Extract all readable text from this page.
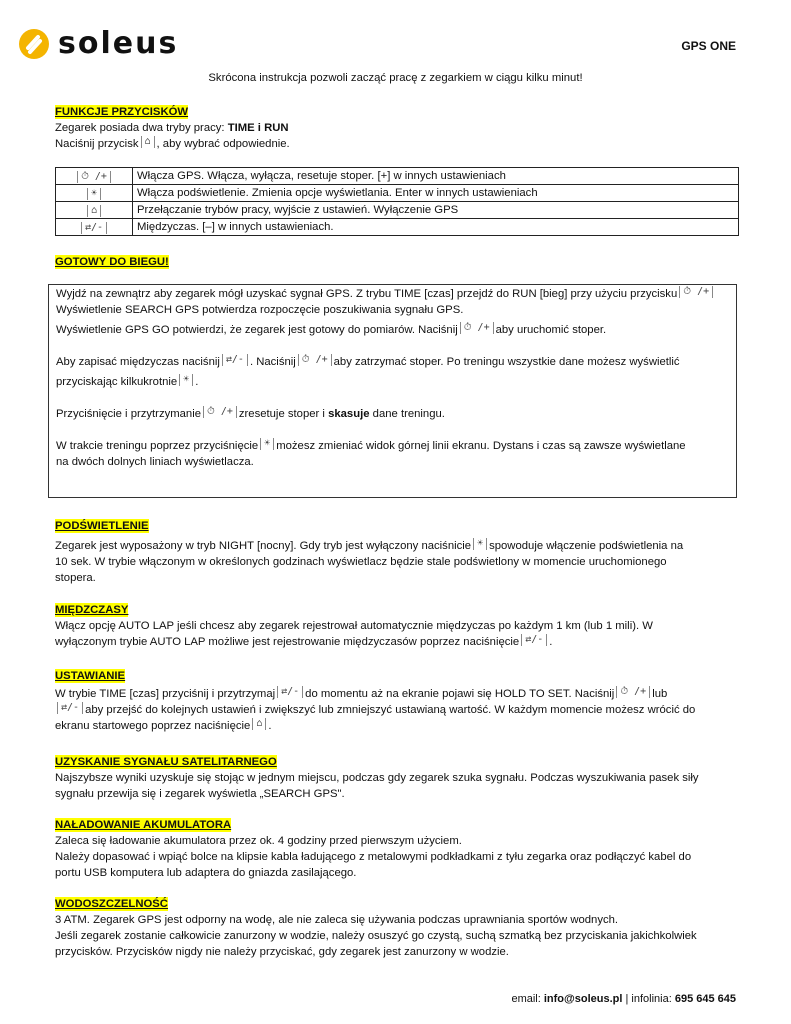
soleus	GPS ONE
Skrócona instrukcja pozwoli zacząć pracę z zegarkiem w ciągu kilku minut!
FUNKCJE PRZYCISKÓW
Zegarek posiada dwa tryby pracy: TIME i RUN
Naciśnij przycisk ⌂ , aby wybrać odpowiednie.
⏱ /+	Włącza GPS. Włącza, wyłącza, resetuje stoper. [+] w innych ustawieniach
☀	Włącza podświetlenie. Zmienia opcje wyświetlania. Enter w innych ustawieniach
⌂	Przełączanie trybów pracy, wyjście z ustawień. Wyłączenie GPS
⇄/-	Międzyczas. [–] w innych ustawieniach.
GOTOWY DO BIEGU!
Wyjdź na zewnątrz aby zegarek mógł uzyskać sygnał GPS. Z trybu TIME [czas] przejdź do RUN [bieg] przy użyciu przycisku ⏱ /+
Wyświetlenie SEARCH GPS potwierdza rozpoczęcie poszukiwania sygnału GPS.
Wyświetlenie GPS GO potwierdzi, że zegarek jest gotowy do pomiarów. Naciśnij ⏱ /+ aby uruchomić stoper.
Aby zapisać międzyczas naciśnij ⇄/- . Naciśnij ⏱ /+ aby zatrzymać stoper. Po treningu wszystkie dane możesz wyświetlić
przyciskając kilkukrotnie ☀ .
Przyciśnięcie i przytrzymanie ⏱ /+ zresetuje stoper i skasuje dane treningu.
W trakcie treningu poprzez przyciśnięcie ☀ możesz zmieniać widok górnej linii ekranu. Dystans i czas są zawsze wyświetlane
na dwóch dolnych liniach wyświetlacza.
PODŚWIETLENIE
Zegarek jest wyposażony w tryb NIGHT [nocny]. Gdy tryb jest wyłączony naciśnicie ☀ spowoduje włączenie podświetlenia na
10 sek. W trybie włączonym w określonych godzinach wyświetlacz będzie stale podświetlony w momencie uruchomionego
stopera.
MIĘDZCZASY
Włącz opcję AUTO LAP jeśli chcesz aby zegarek rejestrował automatycznie międzyczas po każdym 1 km (lub 1 mili). W
wyłączonym trybie AUTO LAP możliwe jest rejestrowanie międzyczasów poprzez naciśnięcie ⇄/- .
USTAWIANIE
W trybie TIME [czas] przyciśnij i przytrzymaj ⇄/- do momentu aż na ekranie pojawi się HOLD TO SET. Naciśnij ⏱ /+ lub
⇄/- aby przejść do kolejnych ustawień i zwiększyć lub zmniejszyć ustawianą wartość. W każdym momencie możesz wrócić do
ekranu startowego poprzez naciśnięcie ⌂ .
UZYSKANIE SYGNAŁU SATELITARNEGO
Najszybsze wyniki uzyskuje się stojąc w jednym miejscu, podczas gdy zegarek szuka sygnału. Podczas wyszukiwania pasek siły
sygnału przewija się i zegarek wyświetla „SEARCH GPS".
NAŁADOWANIE AKUMULATORA
Zaleca się ładowanie akumulatora przez ok. 4 godziny przed pierwszym użyciem.
Należy dopasować i wpiąć bolce na klipsie kabla ładującego z metalowymi podkładkami z tyłu zegarka oraz podłączyć kabel do
portu USB komputera lub adaptera do gniazda zasilającego.
WODOSZCZELNOŚĆ
3 ATM. Zegarek GPS jest odporny na wodę, ale nie zaleca się używania podczas uprawniania sportów wodnych.
Jeśli zegarek zostanie całkowicie zanurzony w wodzie, należy osuszyć go czystą, suchą szmatką bez przyciskania jakichkolwiek
przycisków. Przycisków nigdy nie należy przyciskać, gdy zegarek jest zanurzony w wodzie.
email: info@soleus.pl | infolinia: 695 645 645
